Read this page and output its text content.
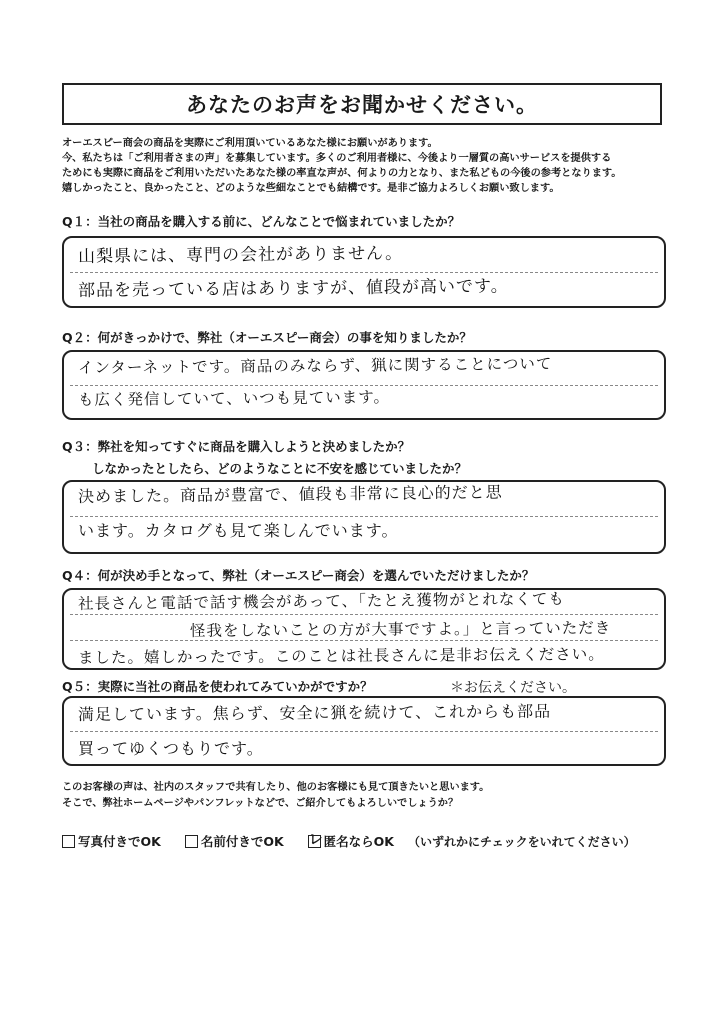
あなたのお声をお聞かせください。
オーエスピー商会の商品を実際にご利用頂いているあなた様にお願いがあります。
今、私たちは「ご利用者さまの声」を募集しています。多くのご利用者様に、今後より一層質の高いサービスを提供する
ためにも実際に商品をご利用いただいたあなた様の率直な声が、何よりの力となり、また私どもの今後の参考となります。
嬉しかったこと、良かったこと、どのような些細なことでも結構です。是非ご協力よろしくお願い致します。
Q１：当社の商品を購入する前に、どんなことで悩まれていましたか？
山梨県には、専門の会社がありません。
部品を売っている店はありますが、値段が高いです。
Q２：何がきっかけで、弊社（オーエスピー商会）の事を知りましたか？
インターネットです。商品のみならず、猟に関することについて
も広く発信していて、いつも見ています。
Q３：弊社を知ってすぐに商品を購入しようと決めましたか？
しなかったとしたら、どのようなことに不安を感じていましたか？
決めました。商品が豊富で、値段も非常に良心的だと思
います。カタログも見て楽しんでいます。
Q４：何が決め手となって、弊社（オーエスピー商会）を選んでいただけましたか？
社長さんと電話で話す機会があって、「たとえ獲物がとれなくても
怪我をしないことの方が大事ですよ。」と言っていただき
ました。嬉しかったです。このことは社長さんに是非お伝えください。
Q５：実際に当社の商品を使われてみていかがですか？	＊お伝えください。
満足しています。焦らず、安全に猟を続けて、これからも部品
買ってゆくつもりです。
このお客様の声は、社内のスタッフで共有したり、他のお客様にも見て頂きたいと思います。
そこで、弊社ホームページやパンフレットなどで、ご紹介してもよろしいでしょうか？
写真付きでOK	名前付きでOK レ 匿名ならOK （いずれかにチェックをいれてください）
